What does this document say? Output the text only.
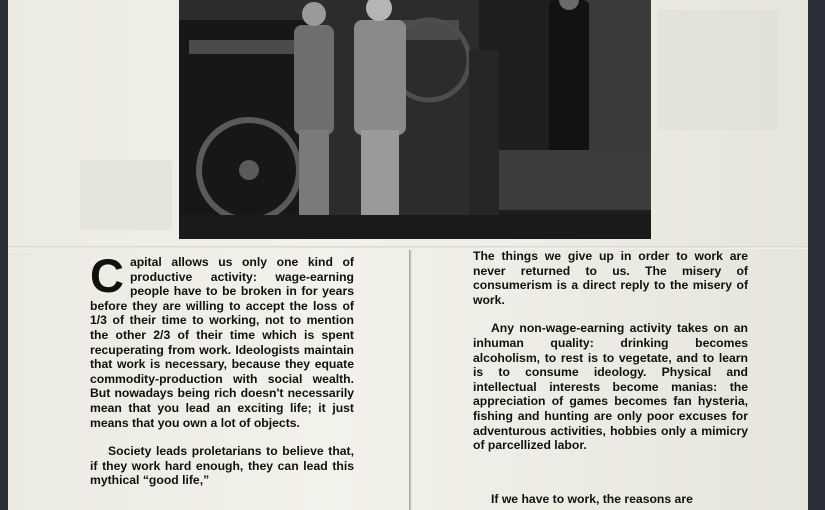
Capital allows us only one kind of productive activity: wage-earning people have to be broken in for years before they are willing to accept the loss of 1/3 of their time to working, not to mention the other 2/3 of their time which is spent recuperating from work. Ideologists maintain that work is necessary, because they equate commodity-production with social wealth. But nowadays being rich doesn't necessarily mean that you lead an exciting life; it just means that you own a lot of objects.

Society leads proletarians to believe that, if they work hard enough, they can lead this mythical “good life,”

The things we give up in order to work are never returned to us. The misery of consumerism is a direct reply to the misery of work.

Any non-wage-earning activity takes on an inhuman quality: drinking becomes alcoholism, to rest is to vegetate, and to learn is to consume ideology. Physical and intellectual interests become manias: the appreciation of games becomes fan hysteria, fishing and hunting are only poor excuses for adventurous activities, hobbies only a mimicry of parcellized labor.

If we have to work, the reasons are
